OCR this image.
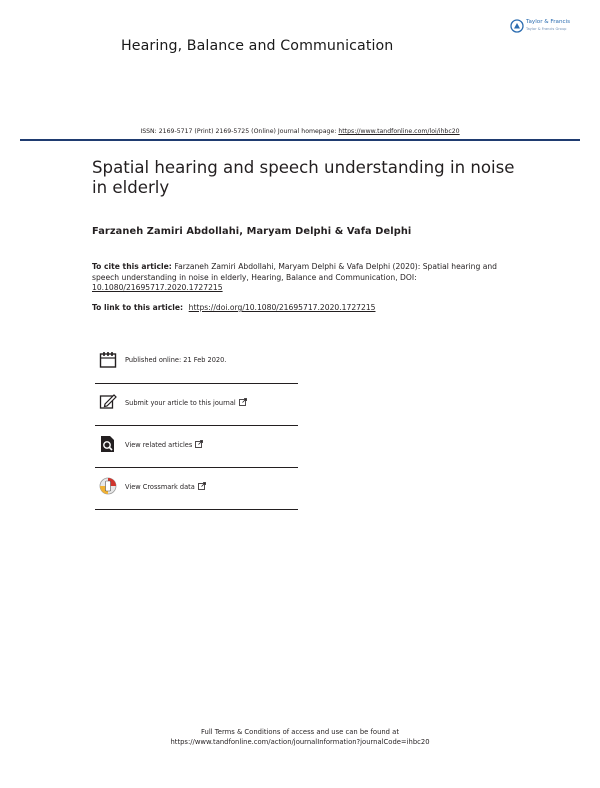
Hearing, Balance and Communication
Taylor & Francis
Taylor & Francis Group
ISSN: 2169-5717 (Print) 2169-5725 (Online) Journal homepage: https://www.tandfonline.com/loi/ihbc20
Spatial hearing and speech understanding in noise in elderly
Farzaneh Zamiri Abdollahi, Maryam Delphi & Vafa Delphi
To cite this article: Farzaneh Zamiri Abdollahi, Maryam Delphi & Vafa Delphi (2020): Spatial hearing and speech understanding in noise in elderly, Hearing, Balance and Communication, DOI: 10.1080/21695717.2020.1727215
To link to this article: https://doi.org/10.1080/21695717.2020.1727215
Published online: 21 Feb 2020.
Submit your article to this journal
View related articles
View Crossmark data
Full Terms & Conditions of access and use can be found at
https://www.tandfonline.com/action/journalInformation?journalCode=ihbc20
